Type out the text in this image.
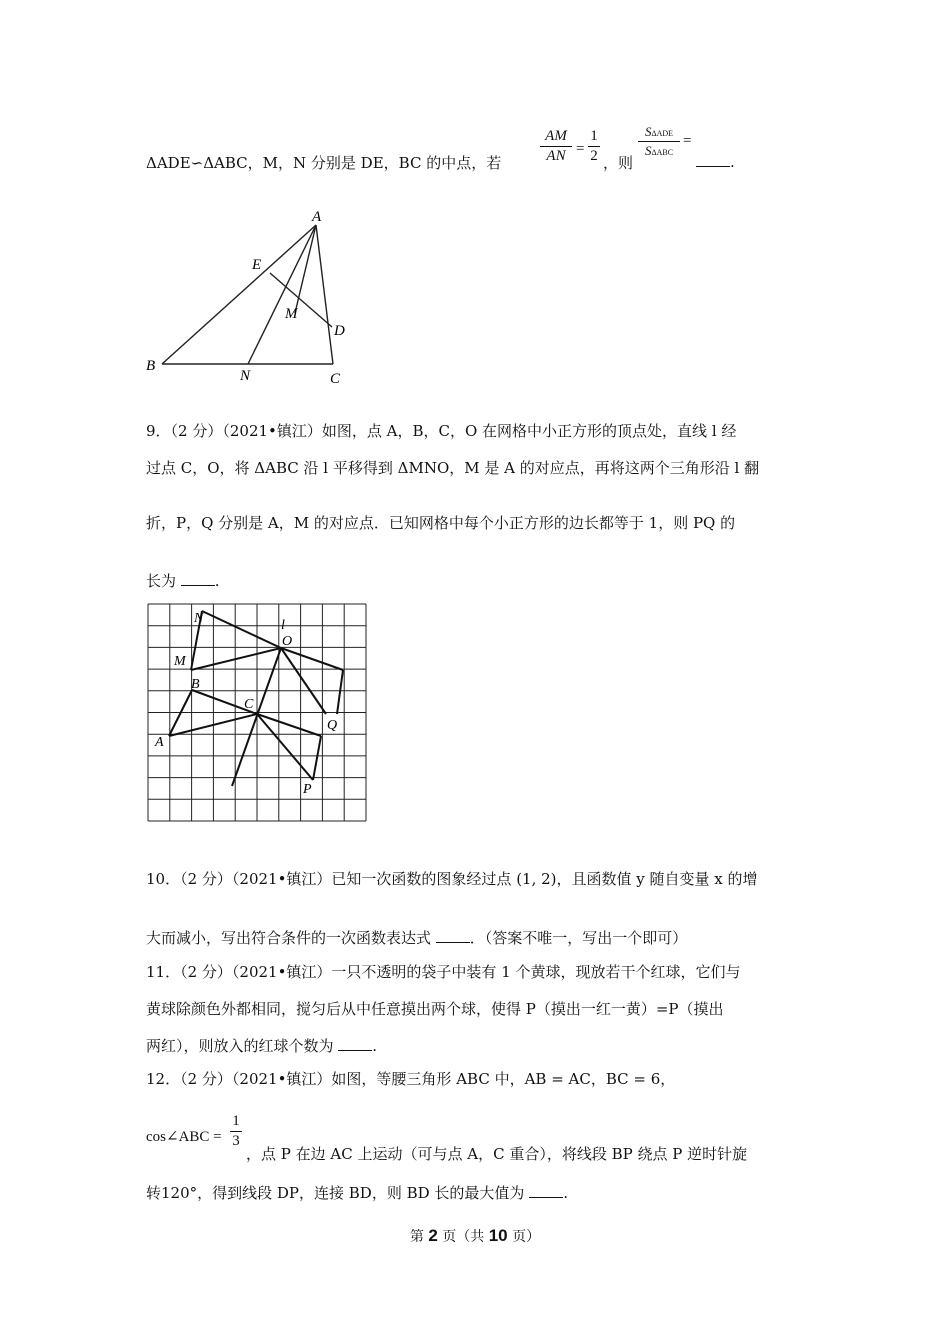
ΔADE∽ΔABC，M，N 分别是 DE，BC 的中点，若
AM
AN =
1
2 ，则
SΔADE
SΔABC
=
.
A
E
M
D
B
N	C
9．（2 分）（2021•镇江）如图，点 A，B，C，O 在网格中小正方形的顶点处，直线 l 经
过点 C，O，将 ΔABC 沿 l 平移得到 ΔMNO，M 是 A 的对应点，再将这两个三角形沿 l 翻
折，P，Q 分别是 A，M 的对应点．已知网格中每个小正方形的边长都等于 1，则 PQ 的
长为	.
N	l
O
M
B
C
Q
A
P
10．（2 分）（2021•镇江）已知一次函数的图象经过点 (1, 2)，且函数值 y 随自变量 x 的增
大而减小，写出符合条件的一次函数表达式	．（答案不唯一，写出一个即可）
11．（2 分）（2021•镇江）一只不透明的袋子中装有 1 个黄球，现放若干个红球，它们与
黄球除颜色外都相同，搅匀后从中任意摸出两个球，使得 P（摸出一红一黄）=P（摸出
两红），则放入的红球个数为	.
12．（2 分）（2021•镇江）如图，等腰三角形 ABC 中，AB = AC，BC = 6，
cos∠ABC =
1
3
，点 P 在边 AC 上运动（可与点 A，C 重合），将线段 BP 绕点 P 逆时针旋
转120°，得到线段 DP，连接 BD，则 BD 长的最大值为	.
第 2 页（共 10 页）
